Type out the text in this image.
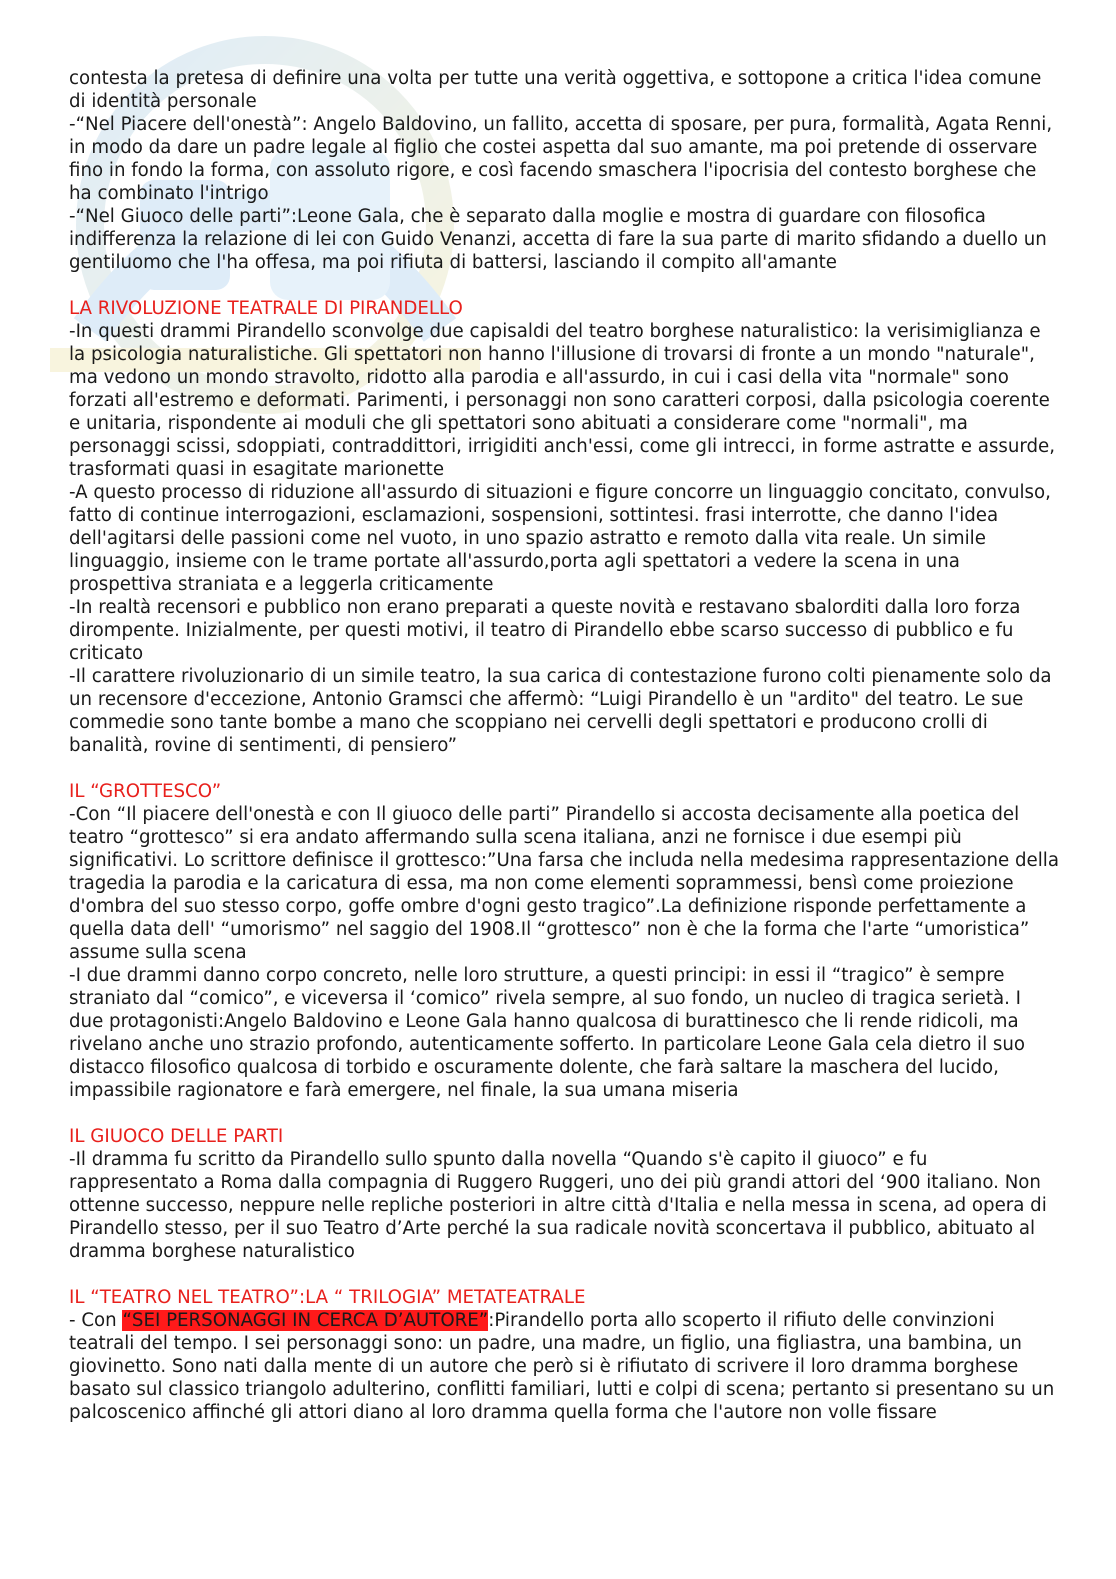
contesta la pretesa di definire una volta per tutte una verità oggettiva, e sottopone a critica l'idea comune di identità personale

-“Nel Piacere dell'onestà”: Angelo Baldovino, un fallito, accetta di sposare, per pura, formalità, Agata Renni, in modo da dare un padre legale al figlio che costei aspetta dal suo amante, ma poi pretende di osservare fino in fondo la forma, con assoluto rigore, e così facendo smaschera l'ipocrisia del contesto borghese che ha combinato l'intrigo

-“Nel Giuoco delle parti”:Leone Gala, che è separato dalla moglie e mostra di guardare con filosofica indifferenza la relazione di lei con Guido Venanzi, accetta di fare la sua parte di marito sfidando a duello un gentiluomo che l'ha offesa, ma poi rifiuta di battersi, lasciando il compito all'amante

LA RIVOLUZIONE TEATRALE DI PIRANDELLO

-In questi drammi Pirandello sconvolge due capisaldi del teatro borghese naturalistico: la verisimiglianza e la psicologia naturalistiche. Gli spettatori non hanno l'illusione di trovarsi di fronte a un mondo "naturale", ma vedono un mondo stravolto, ridotto alla parodia e all'assurdo, in cui i casi della vita "normale" sono forzati all'estremo e deformati. Parimenti, i personaggi non sono caratteri corposi, dalla psicologia coerente e unitaria, rispondente ai moduli che gli spettatori sono abituati a considerare come "normali", ma personaggi scissi, sdoppiati, contraddittori, irrigiditi anch'essi, come gli intrecci, in forme astratte e assurde, trasformati quasi in esagitate marionette

-A questo processo di riduzione all'assurdo di situazioni e figure concorre un linguaggio concitato, convulso, fatto di continue interrogazioni, esclamazioni, sospensioni, sottintesi. frasi interrotte, che danno l'idea dell'agitarsi delle passioni come nel vuoto, in uno spazio astratto e remoto dalla vita reale. Un simile linguaggio, insieme con le trame portate all'assurdo,porta agli spettatori a vedere la scena in una prospettiva straniata e a leggerla criticamente

-In realtà recensori e pubblico non erano preparati a queste novità e restavano sbalorditi dalla loro forza dirompente. Inizialmente, per questi motivi, il teatro di Pirandello ebbe scarso successo di pubblico e fu criticato

-Il carattere rivoluzionario di un simile teatro, la sua carica di contestazione furono colti pienamente solo da un recensore d'eccezione, Antonio Gramsci che affermò: “Luigi Pirandello è un "ardito" del teatro. Le sue commedie sono tante bombe a mano che scoppiano nei cervelli degli spettatori e producono crolli di banalità, rovine di sentimenti, di pensiero”

IL “GROTTESCO”

-Con “Il piacere dell'onestà e con Il giuoco delle parti” Pirandello si accosta decisamente alla poetica del teatro “grottesco” si era andato affermando sulla scena italiana, anzi ne fornisce i due esempi più significativi. Lo scrittore definisce il grottesco:”Una farsa che includa nella medesima rappresentazione della tragedia la parodia e la caricatura di essa, ma non come elementi soprammessi, bensì come proiezione d'ombra del suo stesso corpo, goffe ombre d'ogni gesto tragico”.La definizione risponde perfettamente a quella data dell' “umorismo” nel saggio del 1908.Il “grottesco” non è che la forma che l'arte “umoristica” assume sulla scena

-I due drammi danno corpo concreto, nelle loro strutture, a questi principi: in essi il “tragico” è sempre straniato dal “comico”, e viceversa il ‘comico” rivela sempre, al suo fondo, un nucleo di tragica serietà. I due protagonisti:Angelo Baldovino e Leone Gala hanno qualcosa di burattinesco che li rende ridicoli, ma rivelano anche uno strazio profondo, autenticamente sofferto. In particolare Leone Gala cela dietro il suo distacco filosofico qualcosa di torbido e oscuramente dolente, che farà saltare la maschera del lucido, impassibile ragionatore e farà emergere, nel finale, la sua umana miseria

IL GIUOCO DELLE PARTI

-Il dramma fu scritto da Pirandello sullo spunto dalla novella “Quando s'è capito il giuoco” e fu rappresentato a Roma dalla compagnia di Ruggero Ruggeri, uno dei più grandi attori del ‘900 italiano. Non ottenne successo, neppure nelle repliche posteriori in altre città d'Italia e nella messa in scena, ad opera di Pirandello stesso, per il suo Teatro d’Arte perché la sua radicale novità sconcertava il pubblico, abituato al dramma borghese naturalistico

IL “TEATRO NEL TEATRO”:LA “ TRILOGIA” METATEATRALE

- Con “SEI PERSONAGGI IN CERCA D’AUTORE”:Pirandello porta allo scoperto il rifiuto delle convinzioni teatrali del tempo. I sei personaggi sono: un padre, una madre, un figlio, una figliastra, una bambina, un giovinetto. Sono nati dalla mente di un autore che però si è rifiutato di scrivere il loro dramma borghese basato sul classico triangolo adulterino, conflitti familiari, lutti e colpi di scena; pertanto si presentano su un palcoscenico affinché gli attori diano al loro dramma quella forma che l'autore non volle fissare
